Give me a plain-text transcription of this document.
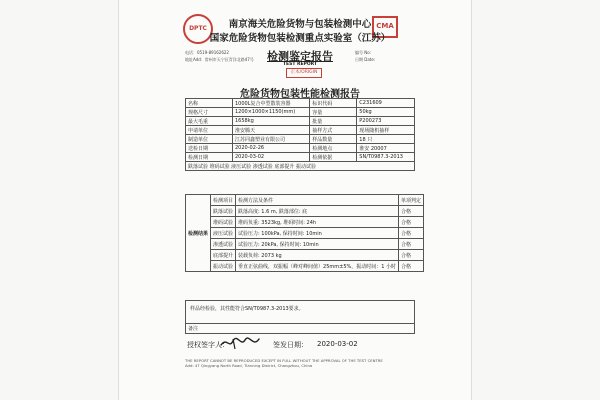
DPTC	CMA
南京海关危险货物与包装检测中心
国家危险货物包装检测重点实验室（江苏）
检测鉴定报告
TEST REPORT
电话：0519-89162622
地址Add：常州市天宁区青洋北路47号
编号 No:
日期 Date:
正本/ORIGIN
危险货物包装性能检测报告
名称	1000L复合中型散装容器	标识代码	C231609
规格尺寸	1200×1000×1150(mm)	容量	50kg
最大毛重	1658kg	批量	P200273
申请单位	淮安腾天	抽样方式	现场随机抽样
制造单位	江苏同鑫塑业有限公司	样品数量	18 只
送检日期	2020-02-26	检测地点	淮安 20007
检测日期	2020-03-02	检测依据	SN/T0987.3-2013
跌落试验 堆码试验 液压试验 渗透试验 底部提升 振动试验			
检测结果	检测项目	检测方法及条件	单项判定
	跌落试验	跌落高度: 1.6 m, 跌落部位: 底	合格
	堆码试验	堆码负重: 3523kg, 堆码时间: 24h	合格
	液压试验	试验压力: 100kPa, 保持时间: 10min	合格
	渗透试验	试验压力: 20kPa, 保持时间: 10min	合格
	底部提升	装载负荷: 2073 kg	合格
	振动试验	垂直正弦曲线，双振幅（峰对峰间值）25mm±5%，振动时间：1 小时	合格
样品经检验，其性能符合SN/T0987.3-2013要求。
备注
授权签字人：	签发日期： 2020-03-02
THE REPORT CANNOT BE REPRODUCED EXCEPT IN FULL WITHOUT THE APPROVAL OF THE TEST CENTRE
Add: 47 Qingyang North Road, Tianning District, Changzhou, China
